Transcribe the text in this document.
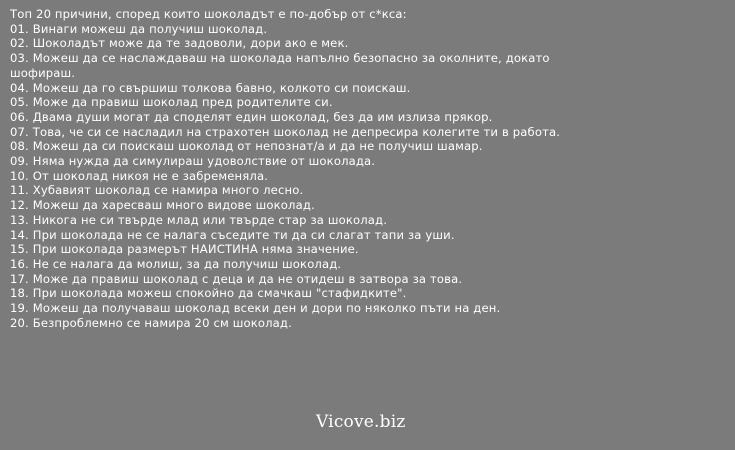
Топ 20 причини, според които шоколадът е по-добър от с*кса:
01. Винаги можеш да получиш шоколад.
02. Шоколадът може да те задоволи, дори ако е мек.
03. Можеш да се наслаждаваш на шоколада напълно безопасно за околните, докато шофираш.
04. Можеш да го свършиш толкова бавно, колкото си поискаш.
05. Може да правиш шоколад пред родителите си.
06. Двама души могат да споделят един шоколад, без да им излиза прякор.
07. Това, че си се насладил на страхотен шоколад не депресира колегите ти в работа.
08. Можеш да си поискаш шоколад от непознат/а и да не получиш шамар.
09. Няма нужда да симулираш удоволствие от шоколада.
10. От шоколад никоя не е забременяла.
11. Хубавият шоколад се намира много лесно.
12. Можеш да харесваш много видове шоколад.
13. Никога не си твърде млад или твърде стар за шоколад.
14. При шоколада не се налага съседите ти да си слагат тапи за уши.
15. При шоколада размерът НАИСТИНА няма значение.
16. Не се налага да молиш, за да получиш шоколад.
17. Може да правиш шоколад с деца и да не отидеш в затвора за това.
18. При шоколада можеш спокойно да смачкаш "стафидките".
19. Можеш да получаваш шоколад всеки ден и дори по няколко пъти на ден.
20. Безпроблемно се намира 20 см шоколад.
Vicove.biz
